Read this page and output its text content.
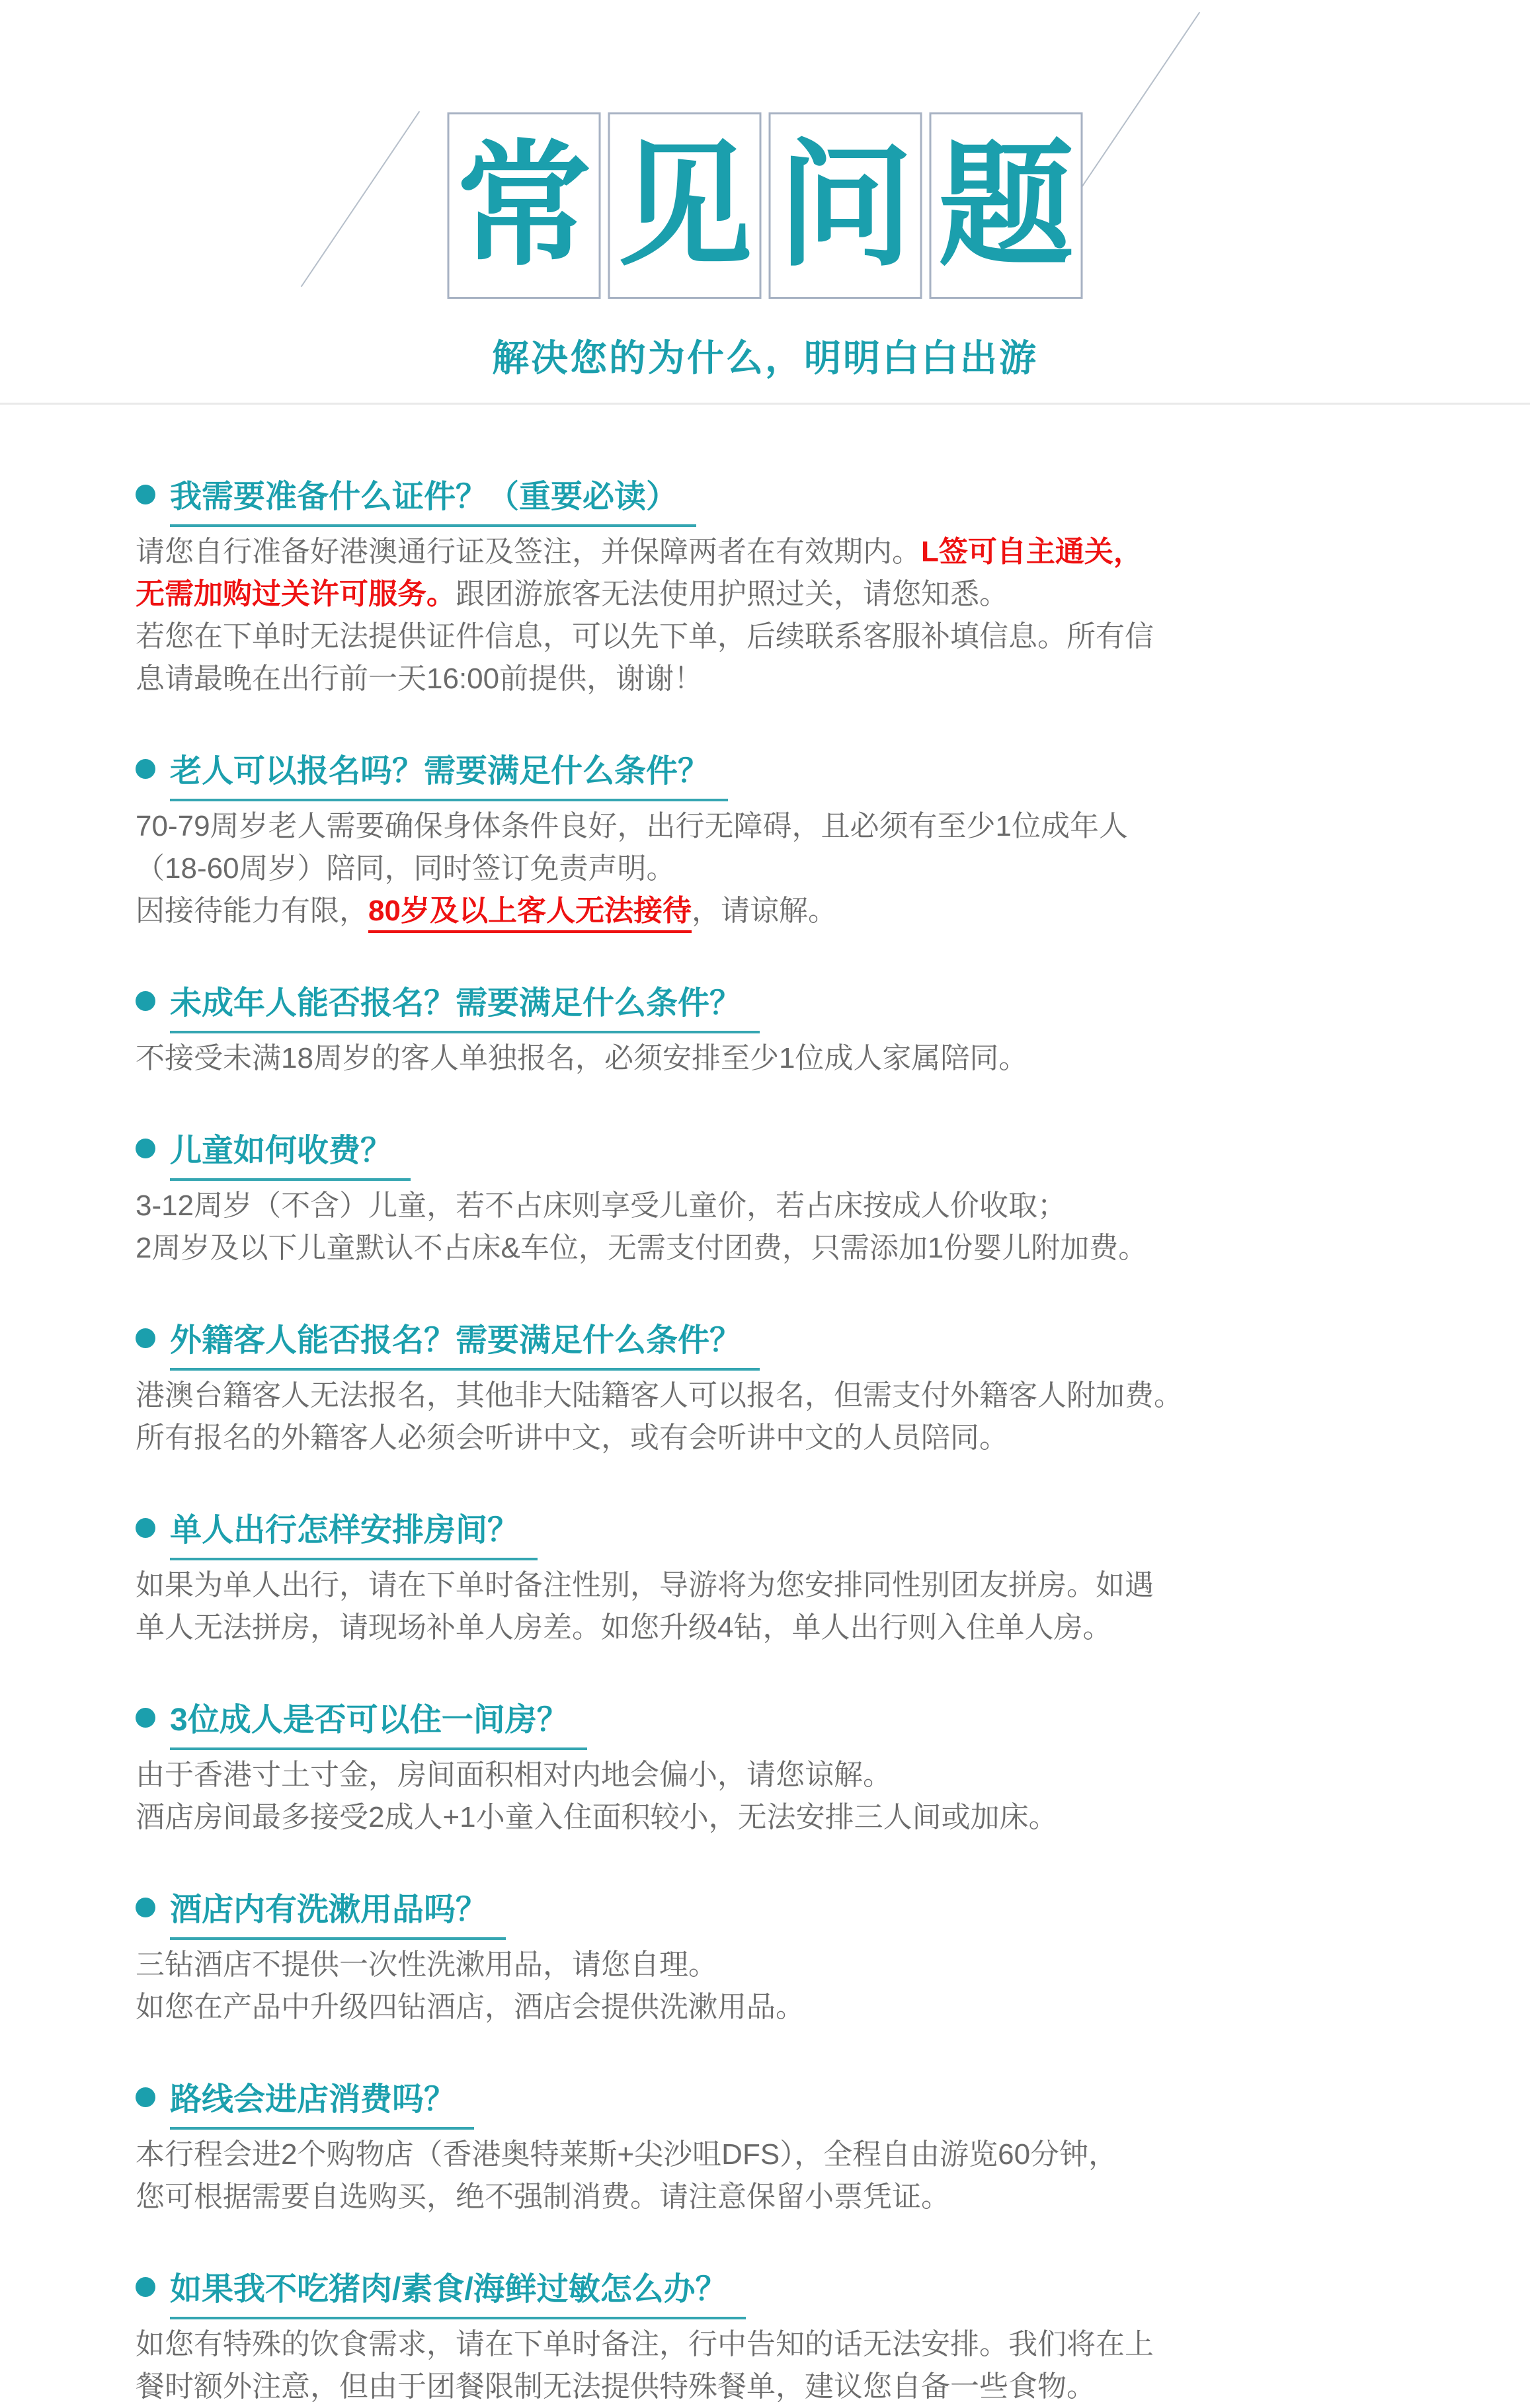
常 见 问 题
解决您的为什么，明明白白出游
我需要准备什么证件？（重要必读）
请您自行准备好港澳通行证及签注，并保障两者在有效期内。L签可自主通关，
无需加购过关许可服务。跟团游旅客无法使用护照过关，请您知悉。
若您在下单时无法提供证件信息，可以先下单，后续联系客服补填信息。所有信
息请最晚在出行前一天16:00前提供，谢谢！
老人可以报名吗？需要满足什么条件？
70-79周岁老人需要确保身体条件良好，出行无障碍，且必须有至少1位成年人
（18-60周岁）陪同，同时签订免责声明。
因接待能力有限，80岁及以上客人无法接待，请谅解。
未成年人能否报名？需要满足什么条件？
不接受未满18周岁的客人单独报名，必须安排至少1位成人家属陪同。
儿童如何收费？
3-12周岁（不含）儿童，若不占床则享受儿童价，若占床按成人价收取；
2周岁及以下儿童默认不占床&车位，无需支付团费，只需添加1份婴儿附加费。
外籍客人能否报名？需要满足什么条件？
港澳台籍客人无法报名，其他非大陆籍客人可以报名，但需支付外籍客人附加费。
所有报名的外籍客人必须会听讲中文，或有会听讲中文的人员陪同。
单人出行怎样安排房间？
如果为单人出行，请在下单时备注性别，导游将为您安排同性别团友拼房。如遇
单人无法拼房，请现场补单人房差。如您升级4钻，单人出行则入住单人房。
3位成人是否可以住一间房？
由于香港寸土寸金，房间面积相对内地会偏小，请您谅解。
酒店房间最多接受2成人+1小童入住面积较小，无法安排三人间或加床。
酒店内有洗漱用品吗？
三钻酒店不提供一次性洗漱用品，请您自理。
如您在产品中升级四钻酒店，酒店会提供洗漱用品。
路线会进店消费吗？
本行程会进2个购物店（香港奥特莱斯+尖沙咀DFS），全程自由游览60分钟，
您可根据需要自选购买，绝不强制消费。请注意保留小票凭证。
如果我不吃猪肉/素食/海鲜过敏怎么办？
如您有特殊的饮食需求，请在下单时备注，行中告知的话无法安排。我们将在上
餐时额外注意，但由于团餐限制无法提供特殊餐单，建议您自备一些食物。
